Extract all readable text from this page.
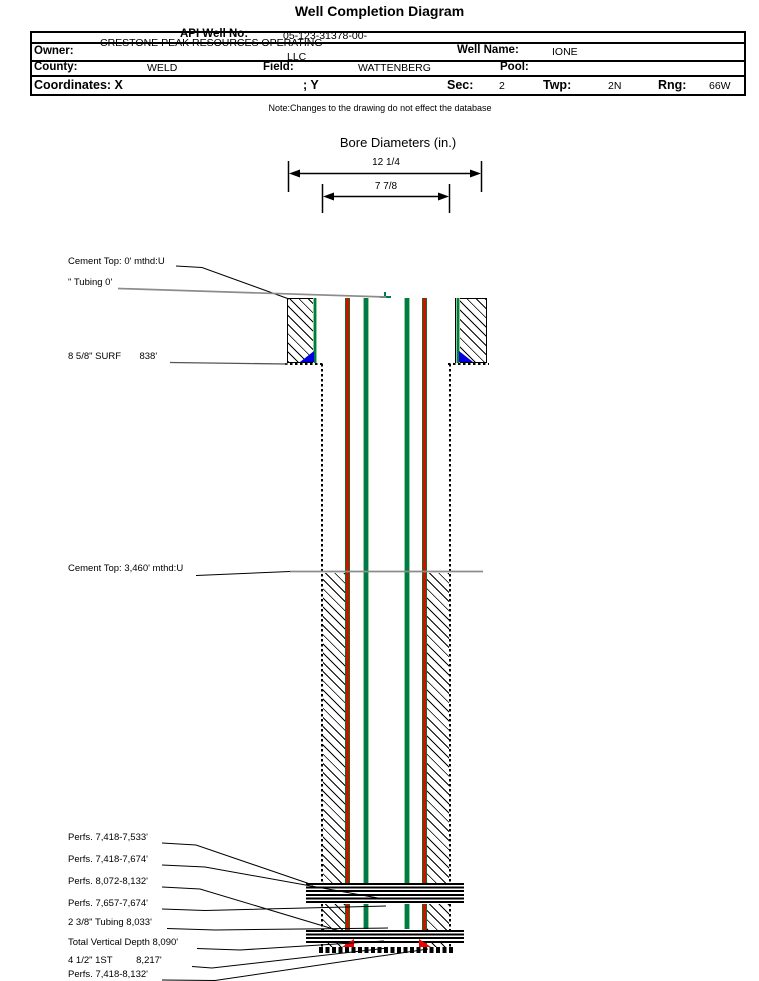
Well Completion Diagram
API Well No:	05-123-31378-00-
Owner:
CRESTONE PEAK RESOURCES OPERATING
LLC
Well Name:	IONE
County:	WELD	Field:	WATTENBERG	Pool:
Coordinates: X	; Y	Sec: 2	Twp:	2N	Rng: 66W
Note:Changes to the drawing do not effect the database
Bore Diameters (in.)
12 1/4
7 7/8
Cement Top: 0' mthd:U
" Tubing 0'
8 5/8" SURF       838'
Cement Top: 3,460' mthd:U
Perfs. 7,418-7,533'
Perfs. 7,418-7,674'
Perfs. 8,072-8,132'
Perfs. 7,657-7,674'
2 3/8" Tubing 8,033'
Total Vertical Depth 8,090'
4 1/2" 1ST         8,217'
Perfs. 7,418-8,132'
